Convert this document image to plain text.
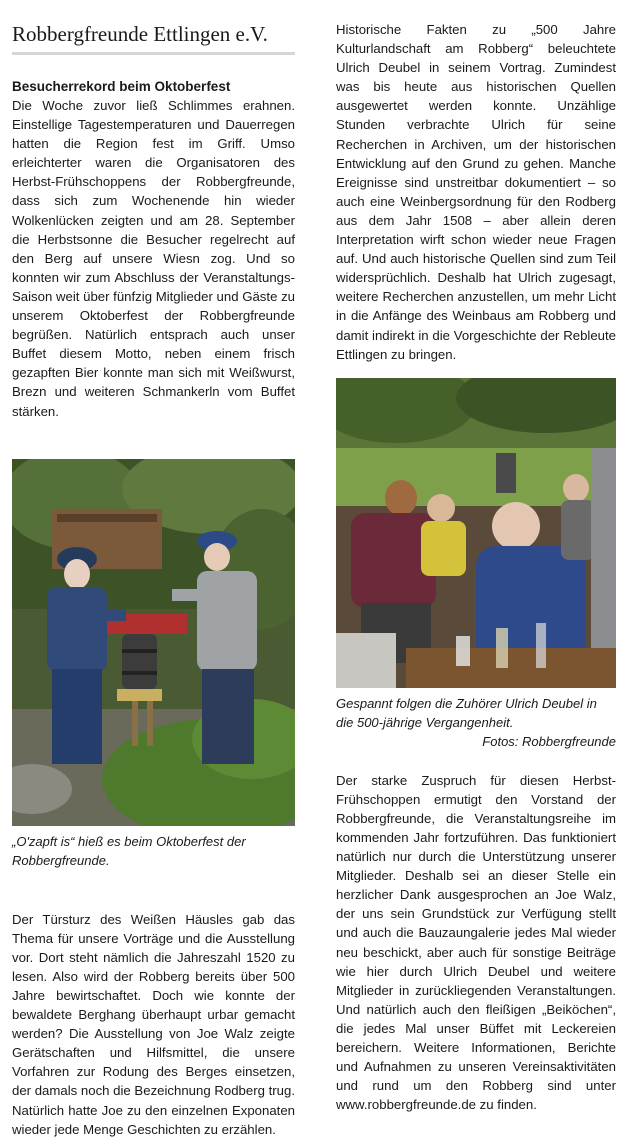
Robbergfreunde Ettlingen e.V.
Besucherrekord beim Oktoberfest

Die Woche zuvor ließ Schlimmes erahnen. Einstellige Tagestemperaturen und Dauerregen hatten die Region fest im Griff. Umso erleichterter waren die Organisatoren des Herbst-Frühschoppens der Robbergfreunde, dass sich zum Wochenende hin wieder Wolkenlücken zeigten und am 28. September die Herbstsonne die Besucher regelrecht auf den Berg auf unsere Wiesn zog. Und so konnten wir zum Abschluss der Veranstaltungs-Saison weit über fünfzig Mitglieder und Gäste zu unserem Oktoberfest der Robbergfreunde begrüßen. Natürlich entsprach auch unser Buffet diesem Motto, neben einem frisch gezapften Bier konnte man sich mit Weißwurst, Brezn und weiteren Schmankerln vom Buffet stärken.

„O'zapft is“ hieß es beim Oktoberfest der Robbergfreunde.

Der Türsturz des Weißen Häusles gab das Thema für unsere Vorträge und die Ausstellung vor. Dort steht nämlich die Jahreszahl 1520 zu lesen. Also wird der Robberg bereits über 500 Jahre bewirtschaftet. Doch wie konnte der bewaldete Berghang überhaupt urbar gemacht werden? Die Ausstellung von Joe Walz zeigte Gerätschaften und Hilfsmittel, die unsere Vorfahren zur Rodung des Berges einsetzen, der damals noch die Bezeichnung Rodberg trug. Natürlich hatte Joe zu den einzelnen Exponaten wieder jede Menge Geschichten zu erzählen.

Historische Fakten zu „500 Jahre Kulturlandschaft am Robberg“ beleuchtete Ulrich Deubel in seinem Vortrag. Zumindest was bis heute aus historischen Quellen ausgewertet werden konnte. Unzählige Stunden verbrachte Ulrich für seine Recherchen in Archiven, um der historischen Entwicklung auf den Grund zu gehen. Manche Ereignisse sind unstreitbar dokumentiert – so auch eine Weinbergsordnung für den Rodberg aus dem Jahr 1508 – aber allein deren Interpretation wirft schon wieder neue Fragen auf. Und auch historische Quellen sind zum Teil widersprüchlich. Deshalb hat Ulrich zugesagt, weitere Recherchen anzustellen, um mehr Licht in die Anfänge des Weinbaus am Robberg und damit indirekt in die Vorgeschichte der Rebleute Ettlingen zu bringen.

Gespannt folgen die Zuhörer Ulrich Deubel in die 500-jährige Vergangenheit.
Fotos: Robbergfreunde

Der starke Zuspruch für diesen Herbst-Frühschoppen ermutigt den Vorstand der Robbergfreunde, die Veranstaltungsreihe im kommenden Jahr fortzuführen. Das funktioniert natürlich nur durch die Unterstützung unserer Mitglieder. Deshalb sei an dieser Stelle ein herzlicher Dank ausgesprochen an Joe Walz, der uns sein Grundstück zur Verfügung stellt und auch die Bauzaungalerie jedes Mal wieder neu beschickt, aber auch für sonstige Beiträge wie hier durch Ulrich Deubel und weitere Mitglieder in zurückliegenden Veranstaltungen. Und natürlich auch den fleißigen „Beiköchen“, die jedes Mal unser Büffet mit Leckereien bereichern. Weitere Informationen, Berichte und Aufnahmen zu unseren Vereinsaktivitäten und rund um den Robberg sind unter www.robbergfreunde.de zu finden.
